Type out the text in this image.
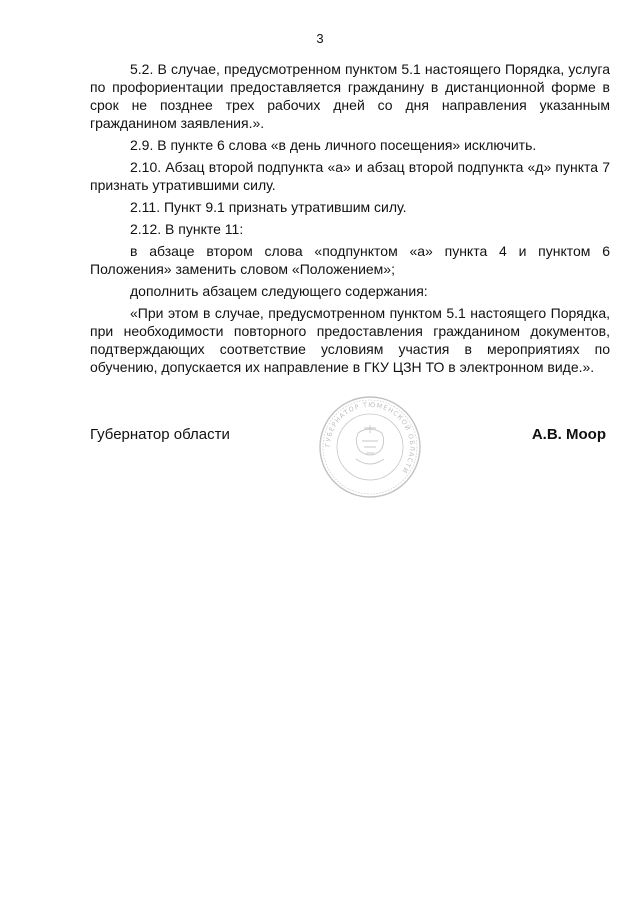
3

5.2. В случае, предусмотренном пунктом 5.1 настоящего Порядка, услуга по профориентации предоставляется гражданину в дистанционной форме в срок не позднее трех рабочих дней со дня направления указанным гражданином заявления.».

2.9. В пункте 6 слова «в день личного посещения» исключить.

2.10. Абзац второй подпункта «а» и абзац второй подпункта «д» пункта 7 признать утратившими силу.

2.11. Пункт 9.1 признать утратившим силу.

2.12. В пункте 11:

в абзаце втором слова «подпунктом «а» пункта 4 и пунктом 6 Положения» заменить словом «Положением»;

дополнить абзацем следующего содержания:

«При этом в случае, предусмотренном пунктом 5.1 настоящего Порядка, при необходимости повторного предоставления гражданином документов, подтверждающих соответствие условиям участия в мероприятиях по обучению, допускается их направление в ГКУ ЦЗН ТО в электронном виде.».

ГУБЕРНАТОР ТЮМЕНСКОЙ ОБЛАСТИ
Губернатор области	А.В. Моор
